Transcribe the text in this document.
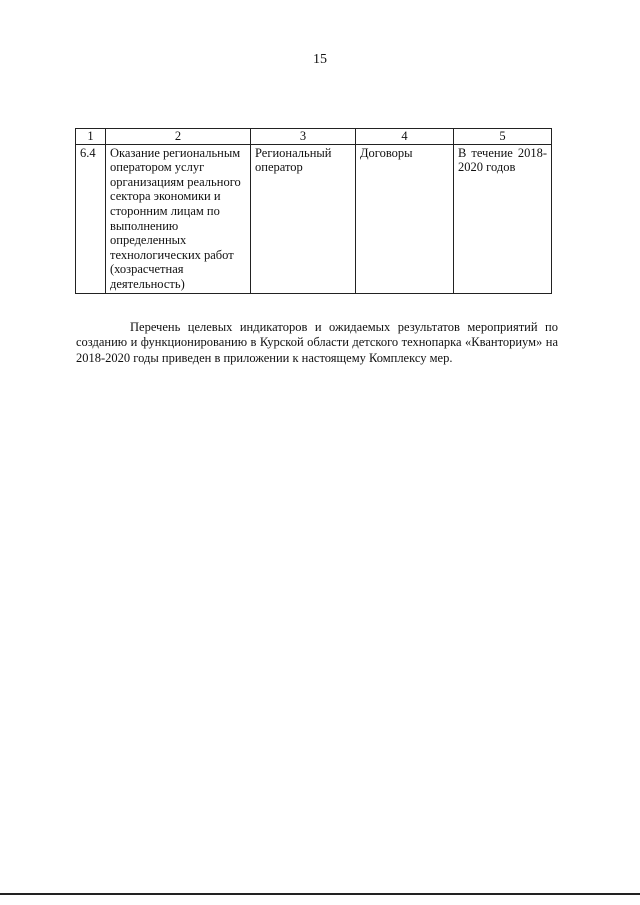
15
1	2	3	4	5
6.4	Оказание региональным оператором услуг организациям реального сектора экономики и сторонним лицам по выполнению определенных технологических работ (хозрасчетная деятельность)	Региональный оператор	Договоры	В течение 2018-2020 годов

Перечень целевых индикаторов и ожидаемых результатов мероприятий по созданию и функционированию в Курской области детского технопарка «Кванториум» на 2018-2020 годы приведен в приложении к настоящему Комплексу мер.
